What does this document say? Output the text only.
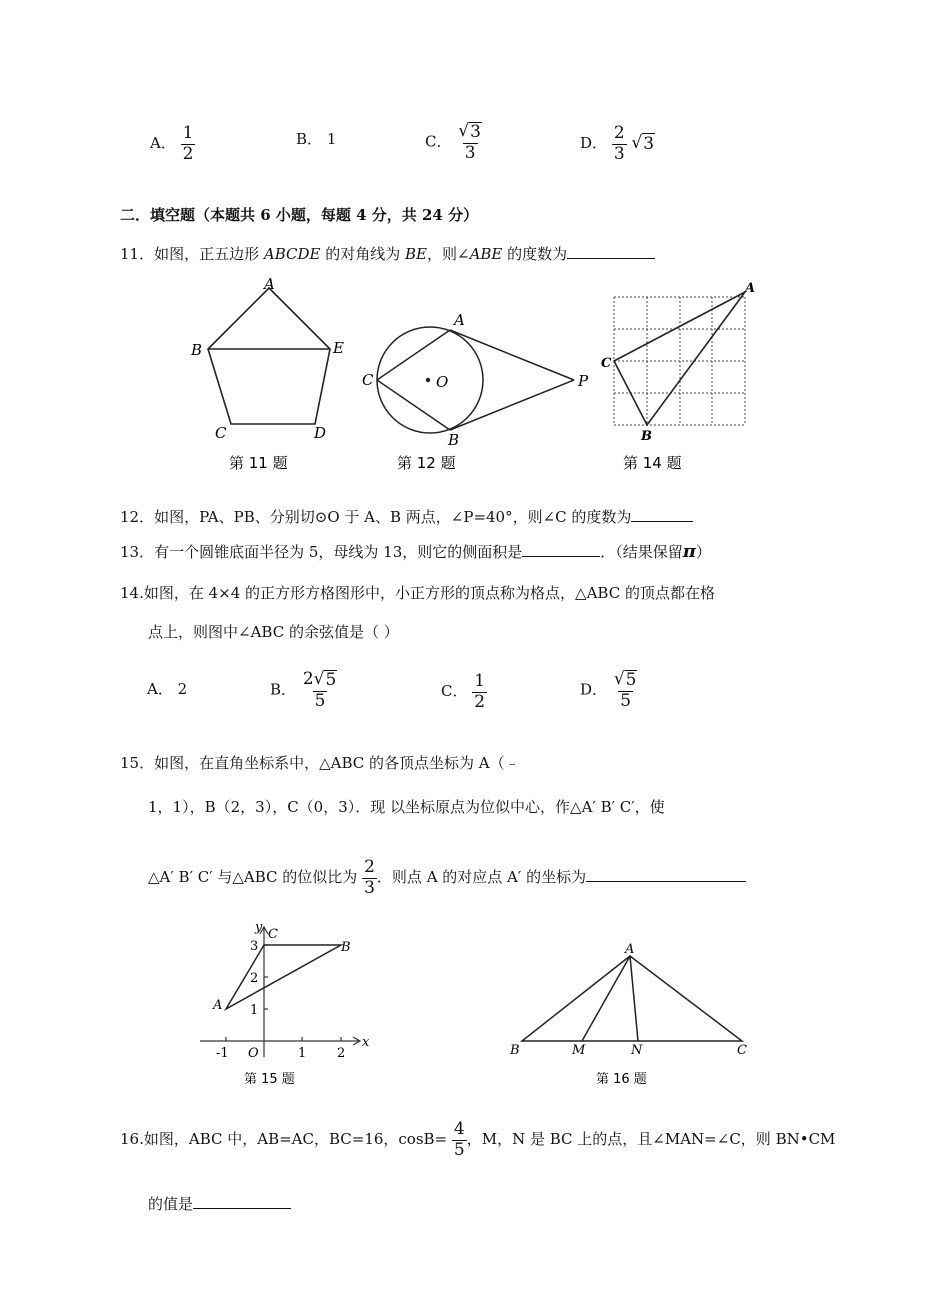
A． $\frac{1}{2}$	B． 1	C． $\frac{√ 3}{3}$	D． $\frac{2}{3}$ √ 3
二．填空题（本题共 6 小题，每题 4 分，共 24 分）
11．如图，正五边形 ABCDE 的对角线为 BE，则∠ABE 的度数为
A
B	E
C	D
第 11 题
A
C	O	P
B
第 12 题
A
C
B
第 14 题
12．如图，PA、PB、分别切⊙O 于 A、B 两点，∠P=40°，则∠C 的度数为
13．有一个圆锥底面半径为 5，母线为 13，则它的侧面积是	．（结果保留π）
14.如图，在 4×4 的正方形方格图形中，小正方形的顶点称为格点，△ABC 的顶点都在格
点上，则图中∠ABC 的余弦值是（ ）
A． 2	B． $\frac{2√ 5}{5}$	C． $\frac{1}{2}$	D． $\frac{√ 5}{5}$
15．如图，在直角坐标系中，△ABC 的各顶点坐标为 A（﹣
1，1），B（2，3），C（0，3）．现 以坐标原点为位似中心，作△A′ B′ C′，使
△A′ B′ C′ 与△ABC 的位似比为 $\frac{2}{3}$ ．则点 A 的对应点 A′ 的坐标为
y
x
C
B
A
O
3
2
1
-1	1 2
第 15 题
A
B	M	N	C
第 16 题
16.如图，ABC 中，AB=AC，BC=16，$\cos B= \frac{4}{5}$ ，M，N 是 BC 上的点，且∠MAN=∠C，则 BN•CM
的值是
